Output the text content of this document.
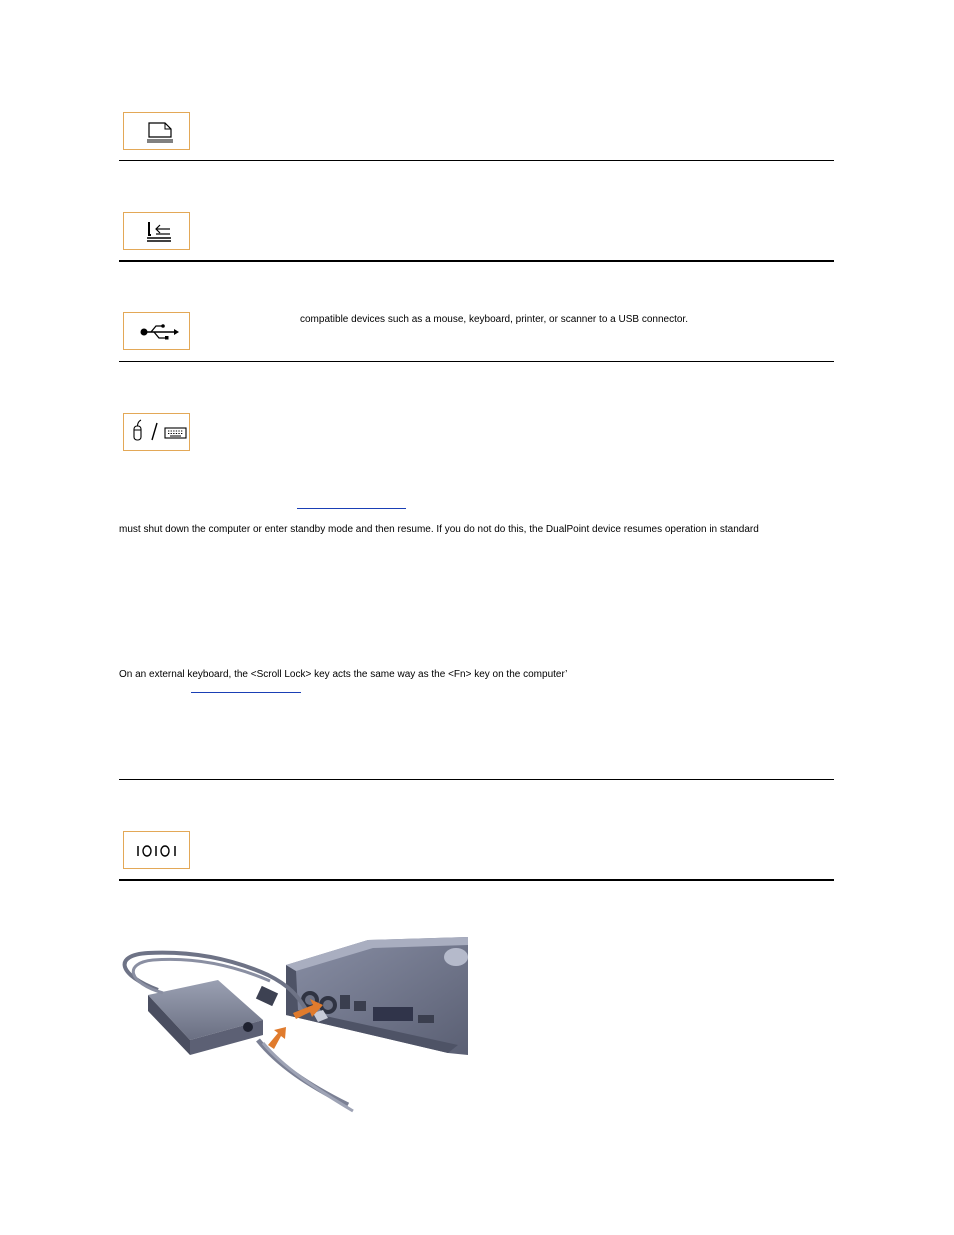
compatible devices such as a mouse, keyboard, printer, or scanner to a USB connector.
must shut down the computer or enter standby mode and then resume. If you do not do this, the DualPoint device resumes operation in standard
On an external keyboard, the <Scroll Lock> key acts the same way as the <Fn> key on the computer’
